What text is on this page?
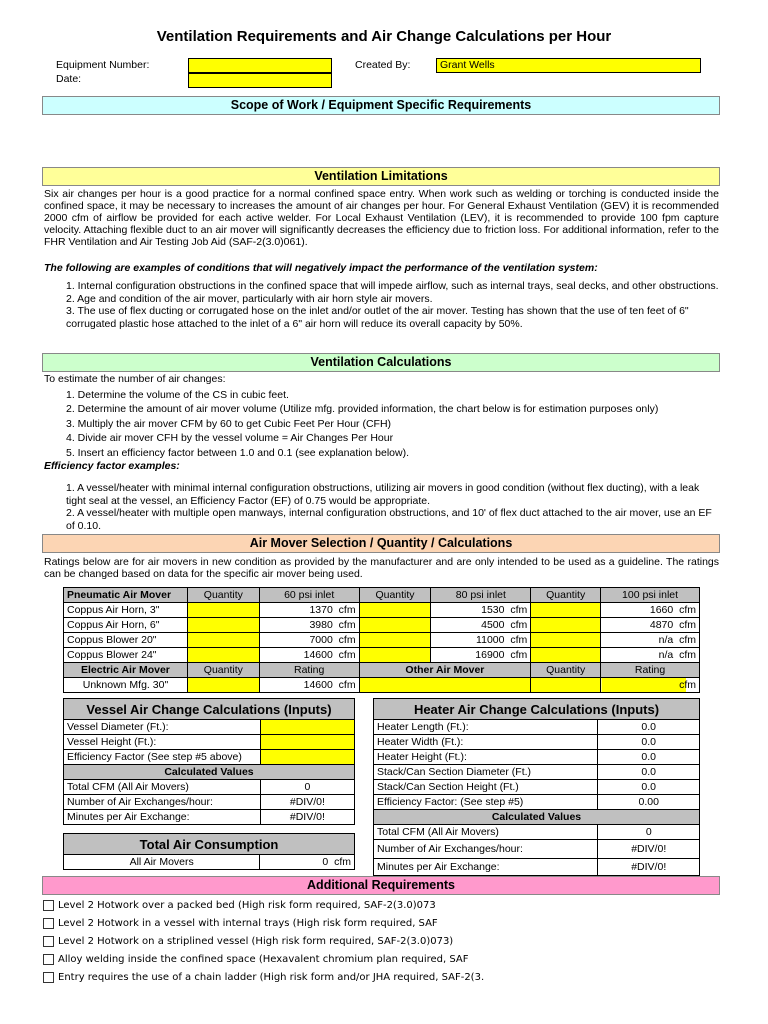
Ventilation Requirements and Air Change Calculations per Hour
Equipment Number:
Date:
Created By:	Grant Wells
Scope of Work / Equipment Specific Requirements
Ventilation Limitations
Six air changes per hour is a good practice for a normal confined space entry. When work such as welding or torching is conducted inside the confined space, it may be necessary to increases the amount of air changes per hour. For General Exhaust Ventilation (GEV) it is recommended 2000 cfm of airflow be provided for each active welder. For Local Exhaust Ventilation (LEV), it is recommended to provide 100 fpm capture velocity. Attaching flexible duct to an air mover will significantly decreases the efficiency due to friction loss. For additional information, refer to the FHR Ventilation and Air Testing Job Aid (SAF-2(3.0)061).
The following are examples of conditions that will negatively impact the performance of the ventilation system:
1. Internal configuration obstructions in the confined space that will impede airflow, such as internal trays, seal decks, and other obstructions.
2. Age and condition of the air mover, particularly with air horn style air movers.
3. The use of flex ducting or corrugated hose on the inlet and/or outlet of the air mover. Testing has shown that the use of ten feet of 6" corrugated plastic hose attached to the inlet of a 6" air horn will reduce its overall capacity by 50%.
Ventilation Calculations
To estimate the number of air changes:
1. Determine the volume of the CS in cubic feet.
2. Determine the amount of air mover volume (Utilize mfg. provided information, the chart below is for estimation purposes only)
3. Multiply the air mover CFM by 60 to get Cubic Feet Per Hour (CFH)
4. Divide air mover CFH by the vessel volume = Air Changes Per Hour
5. Insert an efficiency factor between 1.0 and 0.1 (see explanation below).
Efficiency factor examples:
1. A vessel/heater with minimal internal configuration obstructions, utilizing air movers in good condition (without flex ducting), with a leak tight seal at the vessel, an Efficiency Factor (EF) of 0.75 would be appropriate.
2. A vessel/heater with multiple open manways, internal configuration obstructions, and 10' of flex duct attached to the air mover, use an EF of 0.10.
Air Mover Selection / Quantity / Calculations
Ratings below are for air movers in new condition as provided by the manufacturer and are only intended to be used as a guideline. The ratings can be changed based on data for the specific air mover being used.
Pneumatic Air Mover	Quantity	60 psi inlet	Quantity	80 psi inlet	Quantity	100 psi inlet
Coppus Air Horn, 3"		1370 cfm		1530 cfm		1660 cfm
Coppus Air Horn, 6"		3980 cfm		4500 cfm		4870 cfm
Coppus Blower 20"		7000 cfm		11000 cfm		n/a cfm
Coppus Blower 24"		14600 cfm		16900 cfm		n/a cfm
Electric Air Mover	Quantity	Rating	Other Air Mover		Quantity	Rating
Unknown Mfg. 30"		14600 cfm				cfm
Vessel Air Change Calculations (Inputs)	
Vessel Diameter (Ft.):	
Vessel Height (Ft.):	
Efficiency Factor (See step #5 above)	
Calculated Values	
Total CFM (All Air Movers)	0
Number of Air Exchanges/hour:	#DIV/0!
Minutes per Air Exchange:	#DIV/0!
Total Air Consumption
All Air Movers	0 cfm
Heater Air Change Calculations (Inputs)	
Heater Length (Ft.):	0.0
Heater Width (Ft.):	0.0
Heater Height (Ft.):	0.0
Stack/Can Section Diameter (Ft.)	0.0
Stack/Can Section Height (Ft.)	0.0
Efficiency Factor: (See step #5)	0.00
Calculated Values	
Total CFM (All Air Movers)	0
Number of Air Exchanges/hour:	#DIV/0!
Minutes per Air Exchange:	#DIV/0!
Additional Requirements
Level 2 Hotwork over a packed bed (High risk form required, SAF-2(3.0)073
Level 2 Hotwork in a vessel with internal trays (High risk form required, SAF
Level 2 Hotwork on a striplined vessel (High risk form required, SAF-2(3.0)073)
Alloy welding inside the confined space (Hexavalent chromium plan required, SAF
Entry requires the use of a chain ladder (High risk form and/or JHA required, SAF-2(3.
